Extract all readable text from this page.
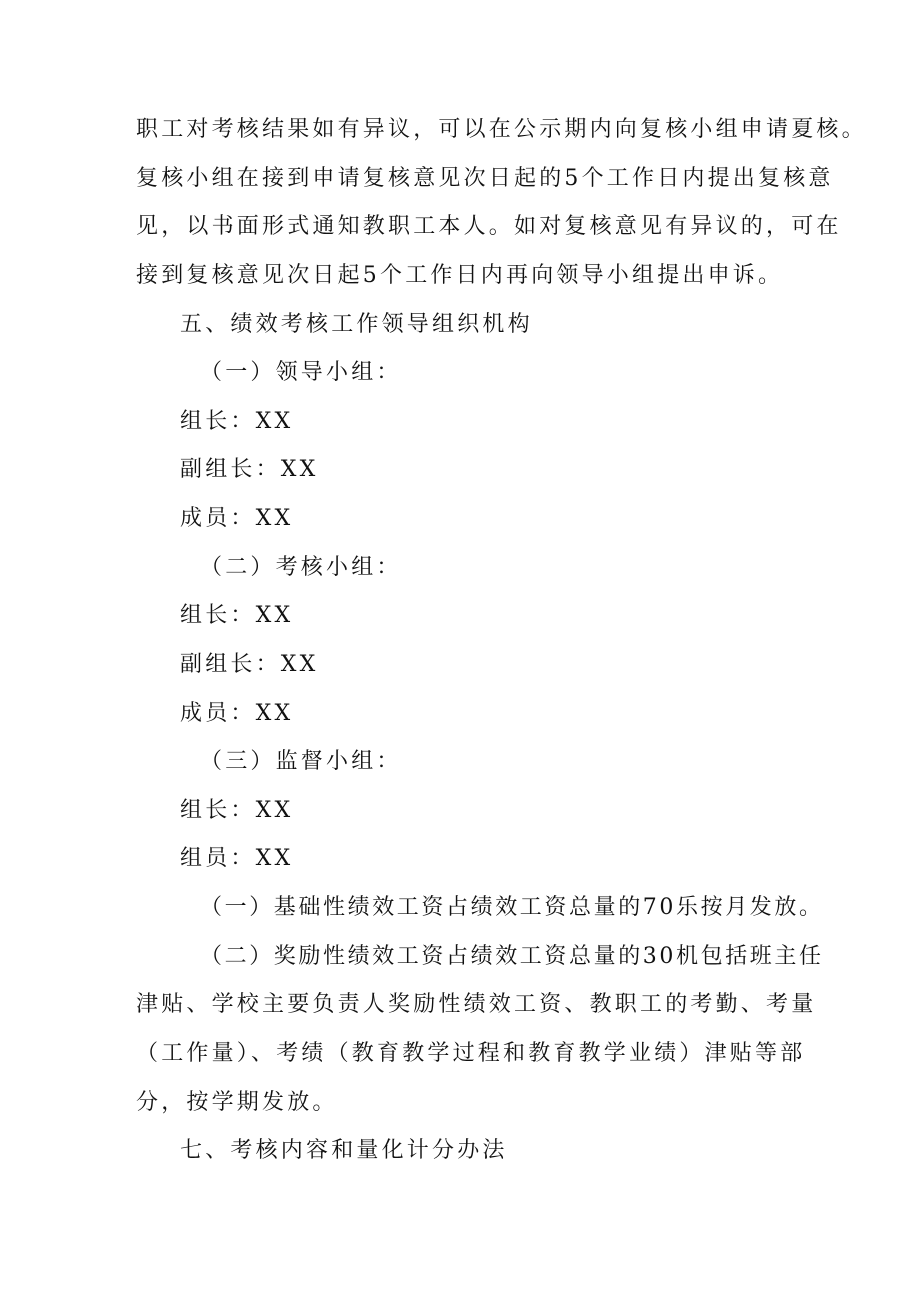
职工对考核结果如有异议，可以在公示期内向复核小组申请夏核。
复核小组在接到申请复核意见次日起的5个工作日内提出复核意
见，以书面形式通知教职工本人。如对复核意见有异议的，可在
接到复核意见次日起5个工作日内再向领导小组提出申诉。
五、绩效考核工作领导组织机构
（一）领导小组：
组长：XX
副组长：XX
成员：XX
（二）考核小组：
组长：XX
副组长：XX
成员：XX
（三）监督小组：
组长：XX
组员：XX
（一）基础性绩效工资占绩效工资总量的70乐按月发放。
（二）奖励性绩效工资占绩效工资总量的30机包括班主任
津贴、学校主要负责人奖励性绩效工资、教职工的考勤、考量
（工作量）、考绩（教育教学过程和教育教学业绩）津贴等部
分，按学期发放。
七、考核内容和量化计分办法
